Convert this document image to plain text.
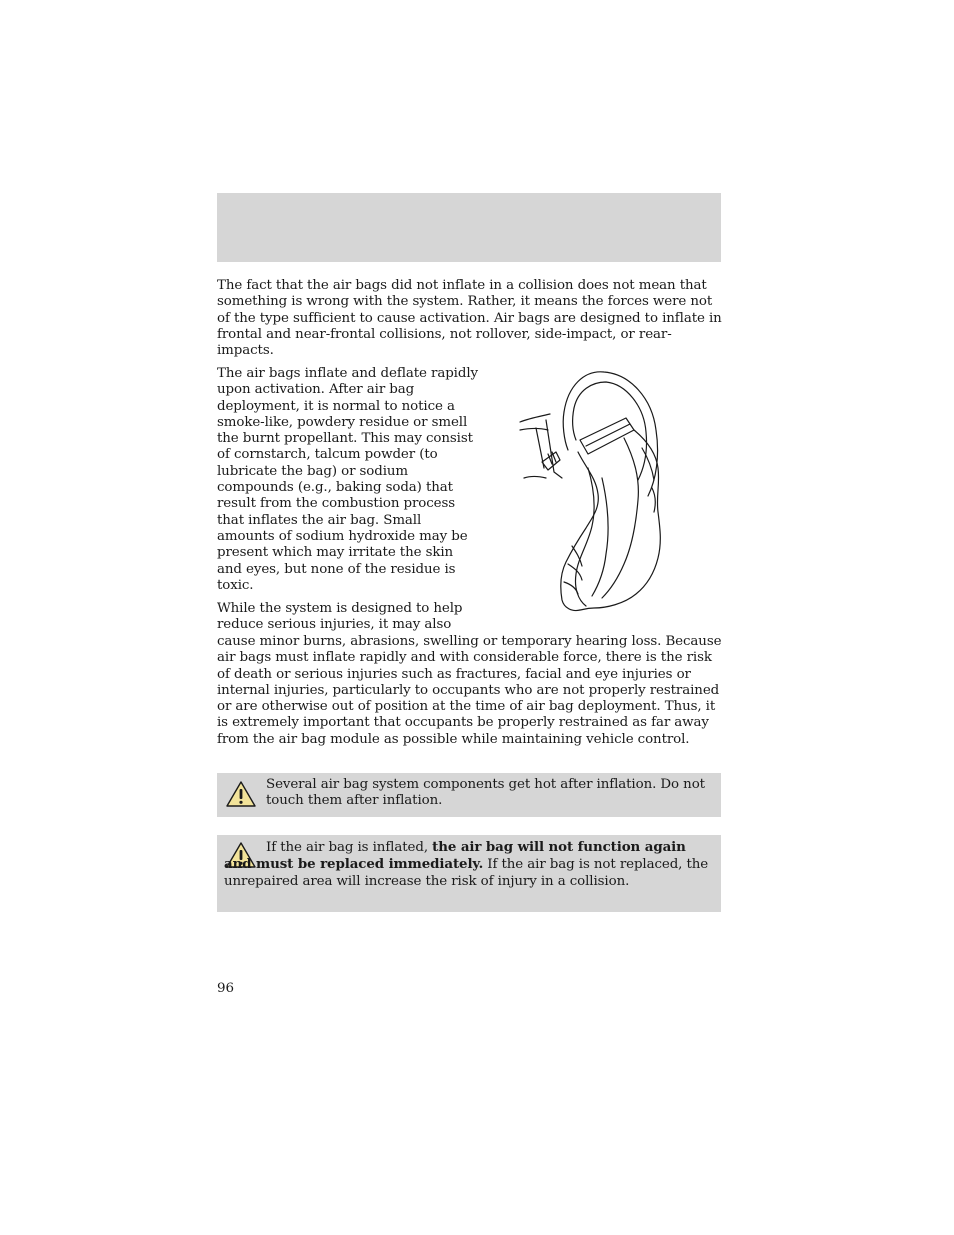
The fact that the air bags did not inflate in a collision does not mean that something is wrong with the system. Rather, it means the forces were not of the type sufficient to cause activation. Air bags are designed to inflate in frontal and near-frontal collisions, not rollover, side-impact, or rear-impacts.

The air bags inflate and deflate rapidly upon activation. After air bag deployment, it is normal to notice a smoke-like, powdery residue or smell the burnt propellant. This may consist of cornstarch, talcum powder (to lubricate the bag) or sodium compounds (e.g., baking soda) that result from the combustion process that inflates the air bag. Small amounts of sodium hydroxide may be present which may irritate the skin and eyes, but none of the residue is toxic.

While the system is designed to help reduce serious injuries, it may also

cause minor burns, abrasions, swelling or temporary hearing loss. Because air bags must inflate rapidly and with considerable force, there is the risk of death or serious injuries such as fractures, facial and eye injuries or internal injuries, particularly to occupants who are not properly restrained or are otherwise out of position at the time of air bag deployment. Thus, it is extremely important that occupants be properly restrained as far away from the air bag module as possible while maintaining vehicle control.

Several air bag system components get hot after inflation. Do not touch them after inflation.

If the air bag is inflated, the air bag will not function again and must be replaced immediately. If the air bag is not replaced, the unrepaired area will increase the risk of injury in a collision.

96
